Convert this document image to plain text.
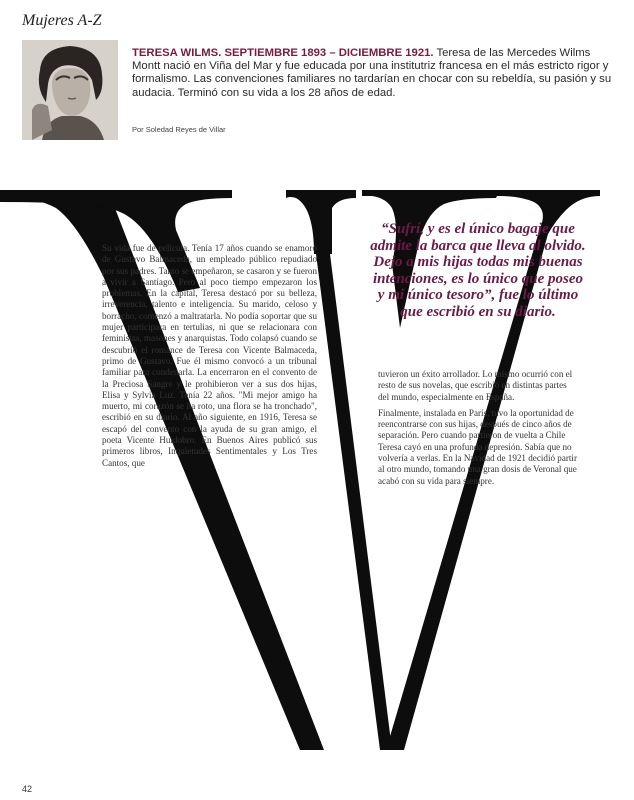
Mujeres A-Z
TERESA WILMS. SEPTIEMBRE 1893 – DICIEMBRE 1921. Teresa de las Mercedes Wilms Montt nació en Viña del Mar y fue educada por una institutriz francesa en el más estricto rigor y formalismo. Las convenciones familiares no tardarían en chocar con su rebeldía, su pasión y su audacia. Terminó con su vida a los 28 años de edad.
Por Soledad Reyes de Villar

Su vida fue de película. Tenía 17 años cuando se enamoró de Gustavo Balmaceda, un empleado público repudiado por sus padres. Tanto se empeñaron, se casaron y se fueron a vivir a Santiago. Pero al poco tiempo empezaron los problemas. En la capital, Teresa destacó por su belleza, irreverencia, talento e inteligencia. Su marido, celoso y borracho, comenzó a maltratarla. No podía soportar que su mujer participara en tertulias, ni que se relacionara con feministas, masones y anarquistas. Todo colapsó cuando se descubrió el romance de Teresa con Vicente Balmaceda, primo de Gustavo. Fue él mismo convocó a un tribunal familiar para condenarla. La encerraron en el convento de la Preciosa Sangre y le prohibieron ver a sus dos hijas, Elisa y Sylvia Luz. Tenía 22 años. "Mi mejor amigo ha muerto, mi corazón se ha roto, una flora se ha tronchado", escribió en su diario. Al año siguiente, en 1916, Teresa se escapó del convento con la ayuda de su gran amigo, el poeta Vicente Huidobro. En Buenos Aires publicó sus primeros libros, Inquietudes Sentimentales y Los Tres Cantos, que

“Sufrí, y es el único bagaje que admite la barca que lleva al olvido. Dejo a mis hijas todas mis buenas intenciones, es lo único que poseo y mi único tesoro”, fue lo último que escribió en su diario.

tuvieron un éxito arrollador. Lo mismo ocurrió con el resto de sus novelas, que escribió en distintas partes del mundo, especialmente en España.

Finalmente, instalada en París, tuvo la oportunidad de reencontrarse con sus hijas, después de cinco años de separación. Pero cuando partieron de vuelta a Chile Teresa cayó en una profunda depresión. Sabía que no volvería a verlas. En la Navidad de 1921 decidió partir al otro mundo, tomando una gran dosis de Veronal que acabó con su vida para siempre.

42
